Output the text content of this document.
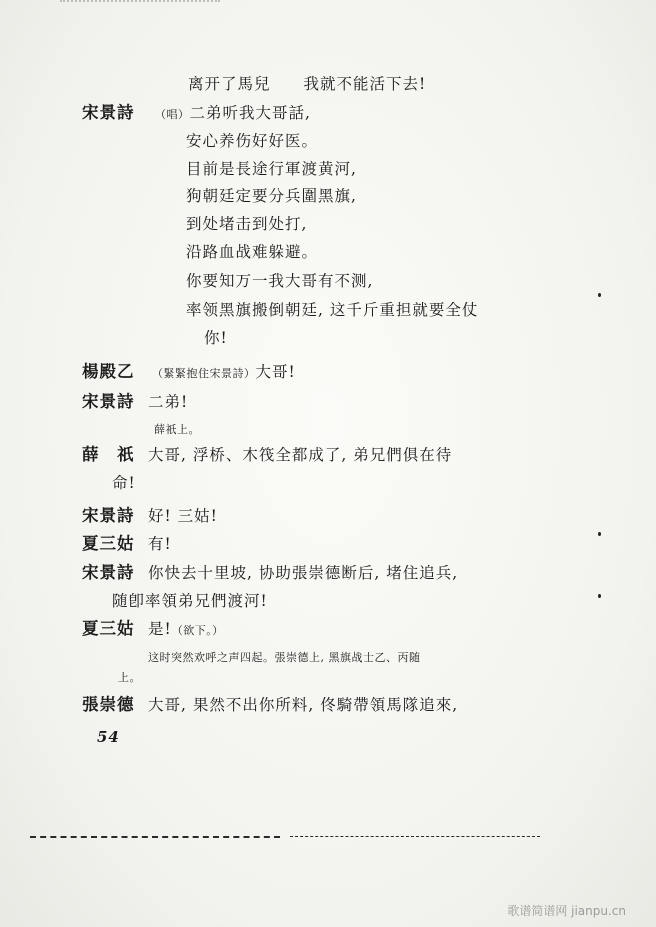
离开了馬兒　　我就不能活下去!
宋景詩 （唱）二弟听我大哥話,
安心养伤好好医。
目前是長途行軍渡黄河,
狗朝廷定要分兵圍黑旗,
到处堵击到处打,
沿路血战难躲避。
你要知万一我大哥有不测,
率领黑旗搬倒朝廷, 这千斤重担就要全仗
你!
楊殿乙 （緊緊抱住宋景詩）大哥!
宋景詩 二弟!
薛祇上。
薛　祇 大哥, 浮桥、木筏全都成了, 弟兄們俱在待
命!
宋景詩 好! 三姑!
夏三姑 有!
宋景詩 你快去十里坡, 协助張崇德断后, 堵住追兵,
随卽率領弟兄們渡河!
夏三姑 是!（欲下。）
这时突然欢呼之声四起。張崇德上, 黑旗战士乙、丙随
上。
張崇德 大哥, 果然不出你所料, 佟騎帶領馬隊追來,
54
歌谱简谱网 jianpu.cn
